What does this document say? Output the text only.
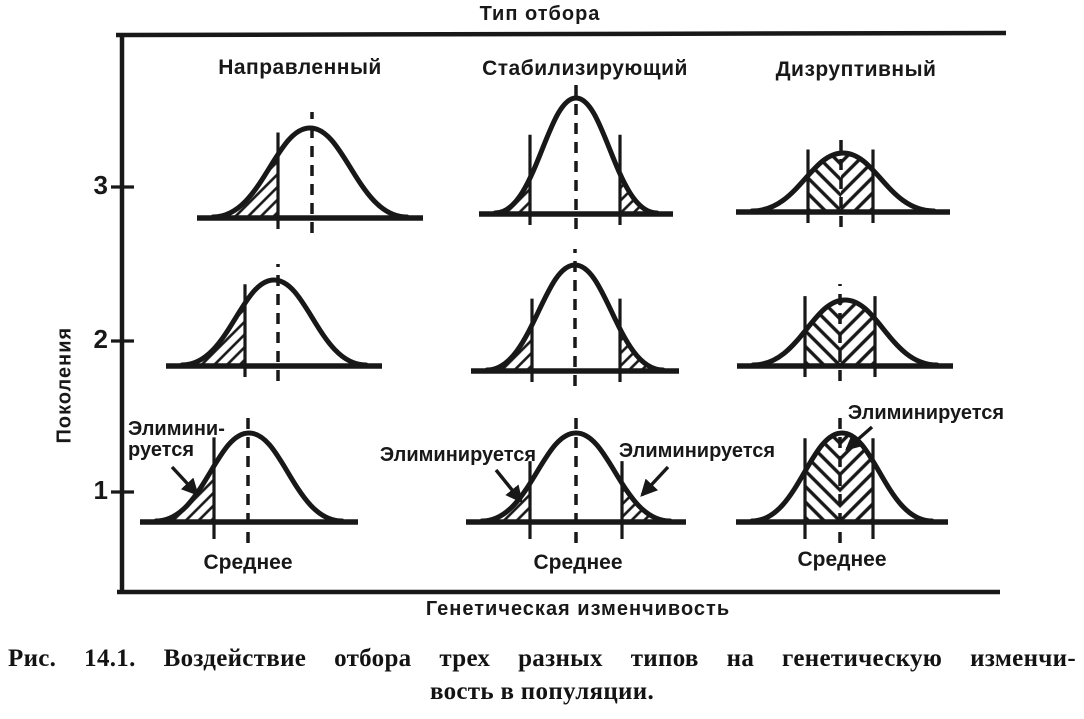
Тип отбора
Направленный	Стабилизирующий	Дизруптивный
3
2
1
Поколения
Генетическая изменчивость
Среднее	Среднее	Среднее
Элимини-
руется	Элиминируется	Элиминируется
Элиминируется
Рис. 14.1. Воздействие отбора трех разных типов на генетическую изменчи-
вость в популяции.
